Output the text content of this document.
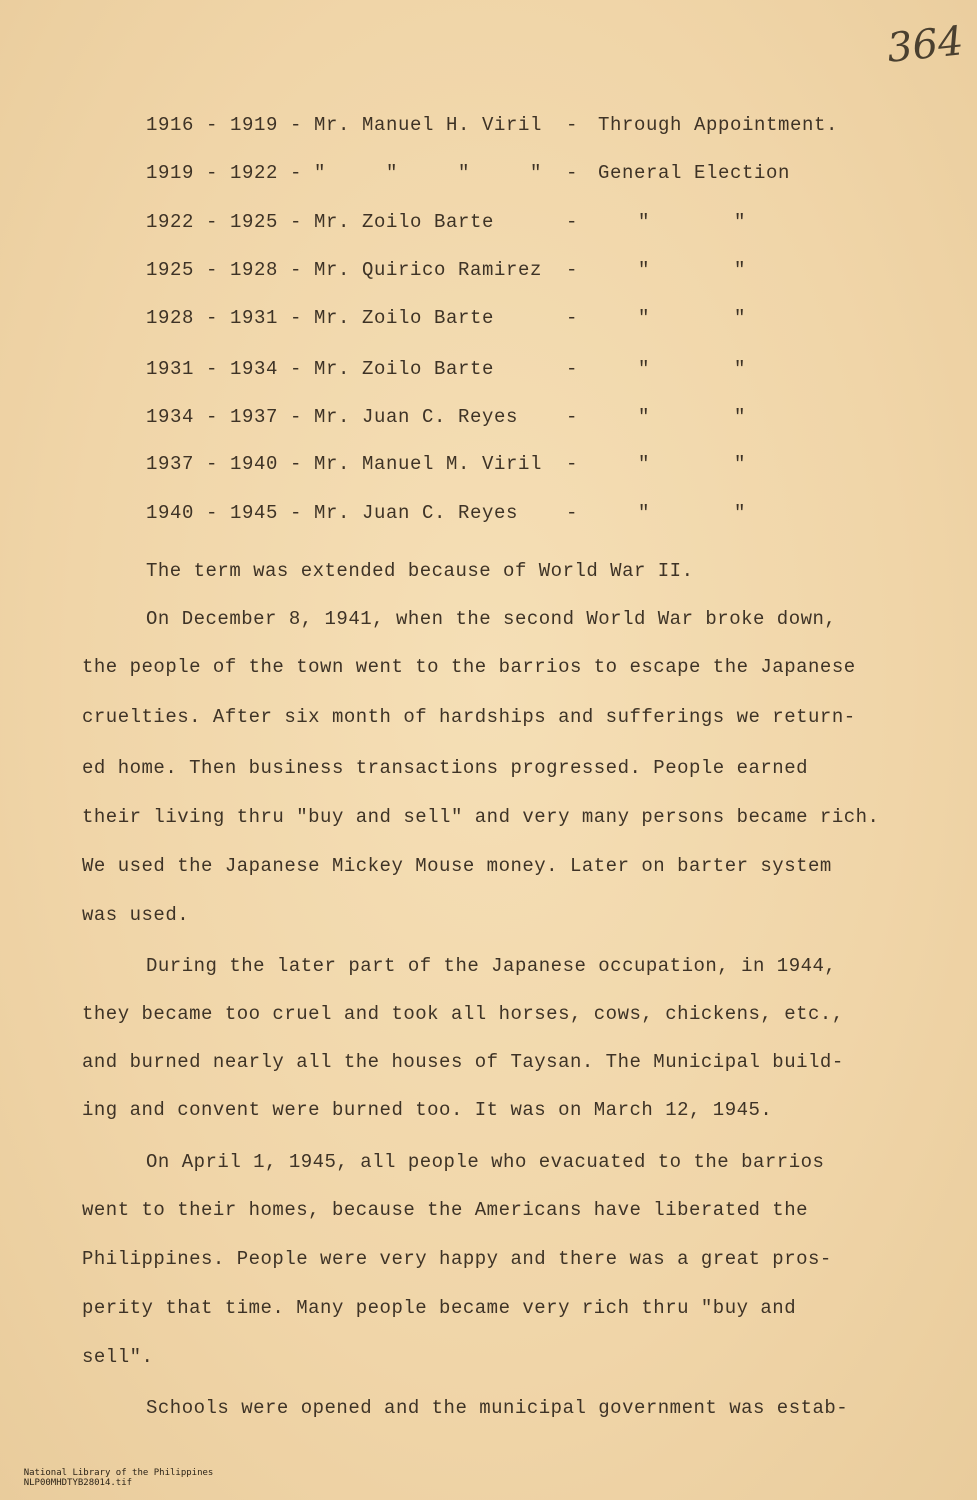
364
1916 - 1919 - Mr. Manuel H. Viril - Through Appointment.
1919 - 1922 - "     "     "     " - General Election
1922 - 1925 - Mr. Zoilo Barte	-	"	"
1925 - 1928 - Mr. Quirico Ramirez -	"	"
1928 - 1931 - Mr. Zoilo Barte	-	"	"
1931 - 1934 - Mr. Zoilo Barte	-	"	"
1934 - 1937 - Mr. Juan C. Reyes	-	"	"
1937 - 1940 - Mr. Manuel M. Viril -	"	"
1940 - 1945 - Mr. Juan C. Reyes	-	"	"
The term was extended because of World War II.
On December 8, 1941, when the second World War broke down,
the people of the town went to the barrios to escape the Japanese
cruelties. After six month of hardships and sufferings we return-
ed home. Then business transactions progressed. People earned
their living thru "buy and sell" and very many persons became rich.
We used the Japanese Mickey Mouse money. Later on barter system
was used.
During the later part of the Japanese occupation, in 1944,
they became too cruel and took all horses, cows, chickens, etc.,
and burned nearly all the houses of Taysan. The Municipal build-
ing and convent were burned too. It was on March 12, 1945.
On April 1, 1945, all people who evacuated to the barrios
went to their homes, because the Americans have liberated the
Philippines. People were very happy and there was a great pros-
perity that time. Many people became very rich thru "buy and
sell".
Schools were opened and the municipal government was estab-

National Library of the Philippines
NLP00MHDTYB28014.tif
